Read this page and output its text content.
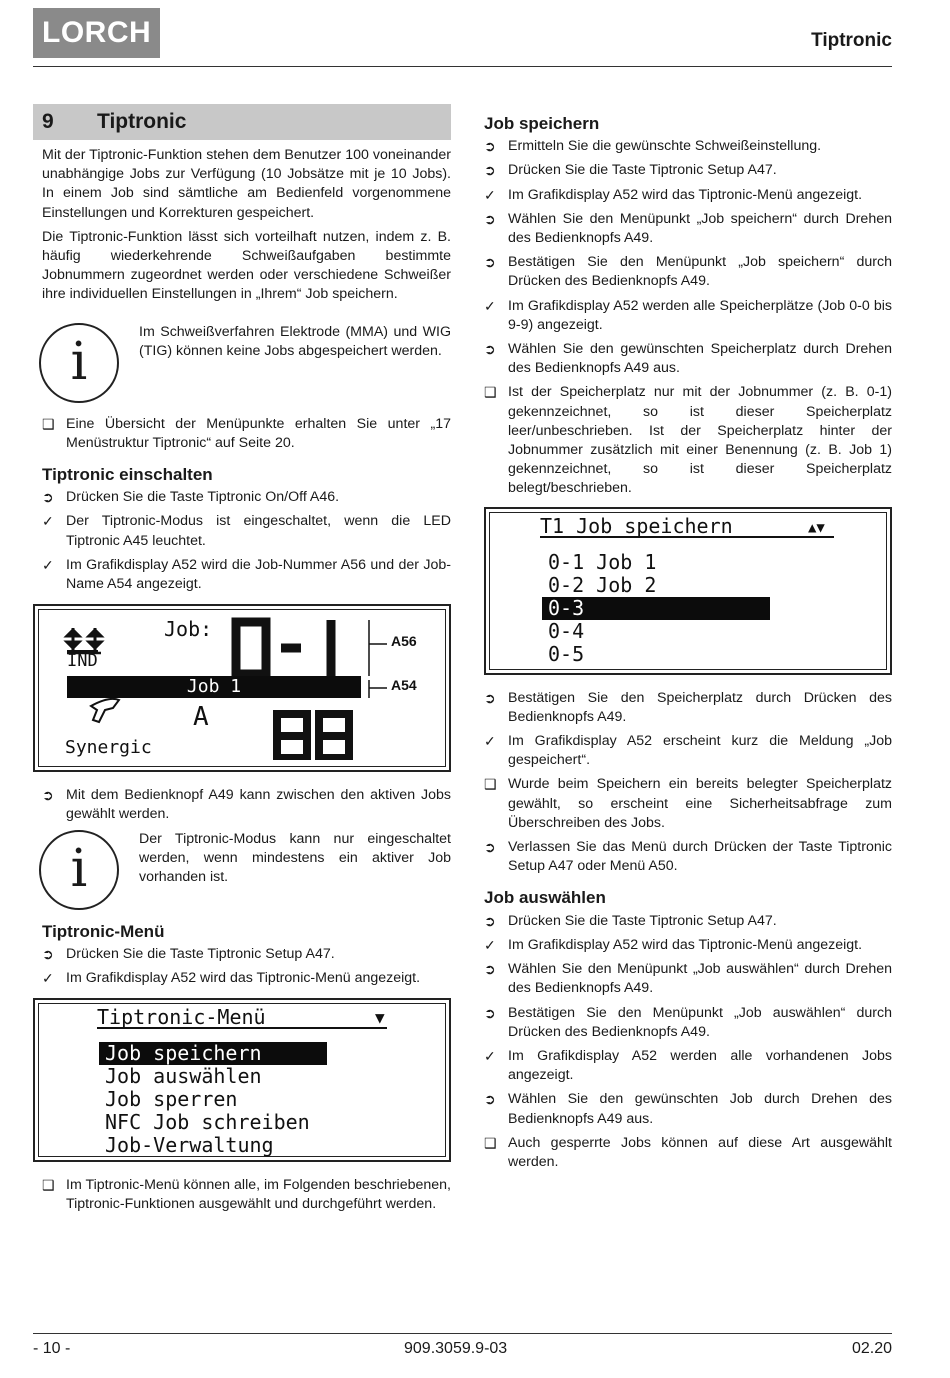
LORCH	Tiptronic
9	Tiptronic
Mit der Tiptronic-Funktion stehen dem Benutzer 100 voneinander unabhängige Jobs zur Verfügung (10 Jobsätze mit je 10 Jobs). In einem Job sind sämtliche am Bedienfeld vorgenommene Einstellungen und Korrekturen gespeichert.
Die Tiptronic-Funktion lässt sich vorteilhaft nutzen, indem z. B. häufig wiederkehrende Schweißaufgaben bestimmte Jobnummern zugeordnet werden oder verschiedene Schweißer ihre individuellen Einstellungen in „Ihrem“ Job speichern.
i	Im Schweißverfahren Elektrode (MMA) und WIG (TIG) können keine Jobs abgespeichert werden.
❑ Eine Übersicht der Menüpunkte erhalten Sie unter „17 Menüstruktur Tiptronic“ auf Seite 20.
Tiptronic einschalten
➲ Drücken Sie die Taste Tiptronic On/Off A46.
✓ Der Tiptronic-Modus ist eingeschaltet, wenn die LED Tiptronic A45 leuchtet.
✓ Im Grafikdisplay A52 wird die Job-Nummer A56 und der Job-Name A54 angezeigt.
IND
Job:	A56
A54
Job 1
Synergic
A
➲ Mit dem Bedienknopf A49 kann zwischen den aktiven Jobs gewählt werden.
i	Der Tiptronic-Modus kann nur eingeschaltet werden, wenn mindestens ein aktiver Job vorhanden ist.
Tiptronic-Menü
➲ Drücken Sie die Taste Tiptronic Setup A47.
✓ Im Grafikdisplay A52 wird das Tiptronic-Menü angezeigt.
Tiptronic-Menü	▼
Job speichern
Job auswählen
Job sperren
NFC Job schreiben
Job-Verwaltung
❑ Im Tiptronic-Menü können alle, im Folgenden beschriebenen, Tiptronic-Funktionen ausgewählt und durchgeführt werden.
Job speichern
➲ Ermitteln Sie die gewünschte Schweißeinstellung.
➲ Drücken Sie die Taste Tiptronic Setup A47.
✓ Im Grafikdisplay A52 wird das Tiptronic-Menü angezeigt.
➲ Wählen Sie den Menüpunkt „Job speichern“ durch Drehen des Bedienknopfs A49.
➲ Bestätigen Sie den Menüpunkt „Job speichern“ durch Drücken des Bedienknopfs A49.
✓ Im Grafikdisplay A52 werden alle Speicherplätze (Job 0-0 bis 9-9) angezeigt.
➲ Wählen Sie den gewünschten Speicherplatz durch Drehen des Bedienknopfs A49 aus.
❑ Ist der Speicherplatz nur mit der Jobnummer (z. B. 0-1) gekennzeichnet, so ist dieser Speicherplatz leer/unbeschrieben. Ist der Speicherplatz hinter der Jobnummer zusätzlich mit einer Benennung (z. B. Job 1) gekennzeichnet, so ist dieser Speicherplatz belegt/beschrieben.
T1 Job speichern	▲▼
0-1 Job 1
0-2 Job 2
0-3
0-4
0-5
➲ Bestätigen Sie den Speicherplatz durch Drücken des Bedienknopfs A49.
✓ Im Grafikdisplay A52 erscheint kurz die Meldung „Job gespeichert“.
❑ Wurde beim Speichern ein bereits belegter Speicherplatz gewählt, so erscheint eine Sicherheitsabfrage zum Überschreiben des Jobs.
➲ Verlassen Sie das Menü durch Drücken der Taste Tiptronic Setup A47 oder Menü A50.
Job auswählen
➲ Drücken Sie die Taste Tiptronic Setup A47.
✓ Im Grafikdisplay A52 wird das Tiptronic-Menü angezeigt.
➲ Wählen Sie den Menüpunkt „Job auswählen“ durch Drehen des Bedienknopfs A49.
➲ Bestätigen Sie den Menüpunkt „Job auswählen“ durch Drücken des Bedienknopfs A49.
✓ Im Grafikdisplay A52 werden alle vorhandenen Jobs angezeigt.
➲ Wählen Sie den gewünschten Job durch Drehen des Bedienknopfs A49 aus.
❑ Auch gesperrte Jobs können auf diese Art ausgewählt werden.
- 10 -	909.3059.9-03	02.20
